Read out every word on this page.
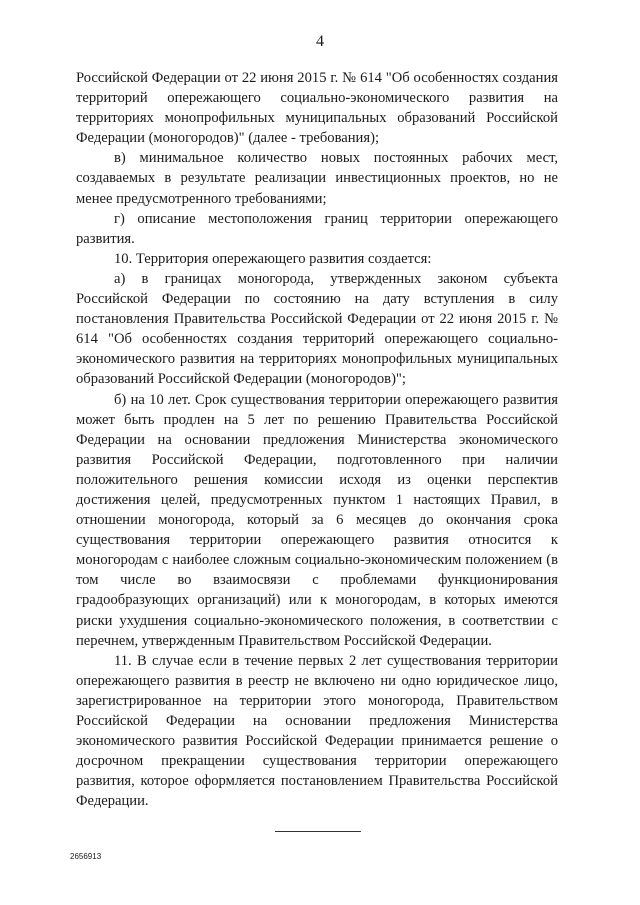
4

Российской Федерации от 22 июня 2015 г. № 614 "Об особенностях создания территорий опережающего социально-экономического развития на территориях монопрофильных муниципальных образований Российской Федерации (моногородов)" (далее - требования);

в) минимальное количество новых постоянных рабочих мест, создаваемых в результате реализации инвестиционных проектов, но не менее предусмотренного требованиями;

г) описание местоположения границ территории опережающего развития.

10. Территория опережающего развития создается:

а) в границах моногорода, утвержденных законом субъекта Российской Федерации по состоянию на дату вступления в силу постановления Правительства Российской Федерации от 22 июня 2015 г. № 614 "Об особенностях создания территорий опережающего социально-экономического развития на территориях монопрофильных муниципальных образований Российской Федерации (моногородов)";

б) на 10 лет. Срок существования территории опережающего развития может быть продлен на 5 лет по решению Правительства Российской Федерации на основании предложения Министерства экономического развития Российской Федерации, подготовленного при наличии положительного решения комиссии исходя из оценки перспектив достижения целей, предусмотренных пунктом 1 настоящих Правил, в отношении моногорода, который за 6 месяцев до окончания срока существования территории опережающего развития относится к моногородам с наиболее сложным социально-экономическим положением (в том числе во взаимосвязи с проблемами функционирования градообразующих организаций) или к моногородам, в которых имеются риски ухудшения социально-экономического положения, в соответствии с перечнем, утвержденным Правительством Российской Федерации.

11. В случае если в течение первых 2 лет существования территории опережающего развития в реестр не включено ни одно юридическое лицо, зарегистрированное на территории этого моногорода, Правительством Российской Федерации на основании предложения Министерства экономического развития Российской Федерации принимается решение о досрочном прекращении существования территории опережающего развития, которое оформляется постановлением Правительства Российской Федерации.

2656913
